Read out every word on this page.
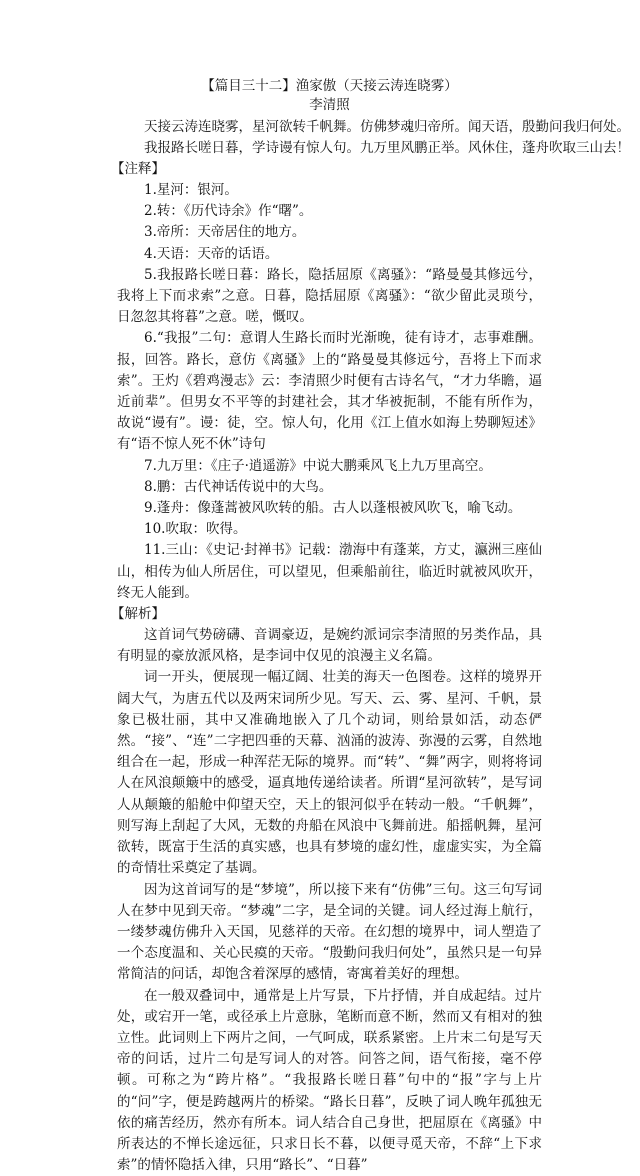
【篇目三十二】渔家傲（天接云涛连晓雾）
李清照
天接云涛连晓雾，星河欲转千帆舞。仿佛梦魂归帝所。闻天语，殷勤问我归何处。
我报路长嗟日暮，学诗谩有惊人句。九万里风鹏正举。风休住，蓬舟吹取三山去！
【注释】

1.星河：银河。

2.转：《历代诗余》作“曙”。

3.帝所：天帝居住的地方。

4.天语：天帝的话语。

5.我报路长嗟日暮：路长，隐括屈原《离骚》：“路曼曼其修远兮，我将上下而求索”之意。日暮，隐括屈原《离骚》：“欲少留此灵琐兮，日忽忽其将暮”之意。嗟，慨叹。

6.“我报”二句：意谓人生路长而时光渐晚，徒有诗才，志事难酬。报，回答。路长，意仿《离骚》上的“路曼曼其修远兮，吾将上下而求索”。王灼《碧鸡漫志》云：李清照少时便有古诗名气，“才力华瞻，逼近前辈”。但男女不平等的封建社会，其才华被扼制，不能有所作为，故说“谩有”。谩：徒，空。惊人句，化用《江上值水如海上势聊短述》有“语不惊人死不休”诗句

7.九万里：《庄子·逍遥游》中说大鹏乘风飞上九万里高空。

8.鹏：古代神话传说中的大鸟。

9.蓬舟：像蓬蒿被风吹转的船。古人以蓬根被风吹飞，喻飞动。

10.吹取：吹得。

11.三山：《史记·封禅书》记载：渤海中有蓬莱，方丈，瀛洲三座仙山，相传为仙人所居住，可以望见，但乘船前往，临近时就被风吹开，终无人能到。

【解析】

这首词气势磅礴、音调豪迈，是婉约派词宗李清照的另类作品，具有明显的豪放派风格，是李词中仅见的浪漫主义名篇。

词一开头，便展现一幅辽阔、壮美的海天一色图卷。这样的境界开阔大气，为唐五代以及两宋词所少见。写天、云、雾、星河、千帆，景象已极壮丽，其中又准确地嵌入了几个动词，则给景如活，动态俨然。“接”、“连”二字把四垂的天幕、汹涌的波涛、弥漫的云雾，自然地组合在一起，形成一种浑茫无际的境界。而“转”、“舞”两字，则将将词人在风浪颠簸中的感受，逼真地传递给读者。所谓“星河欲转”，是写词人从颠簸的船舱中仰望天空，天上的银河似乎在转动一般。“千帆舞”，则写海上刮起了大风，无数的舟船在风浪中飞舞前进。船摇帆舞，星河欲转，既富于生活的真实感，也具有梦境的虚幻性，虚虚实实，为全篇的奇情壮采奠定了基调。

因为这首词写的是“梦境”，所以接下来有“仿佛”三句。这三句写词人在梦中见到天帝。“梦魂”二字，是全词的关键。词人经过海上航行，一缕梦魂仿佛升入天国，见慈祥的天帝。在幻想的境界中，词人塑造了一个态度温和、关心民瘼的天帝。“殷勤问我归何处”，虽然只是一句异常简洁的问话，却饱含着深厚的感情，寄寓着美好的理想。

在一般双叠词中，通常是上片写景，下片抒情，并自成起结。过片处，或宕开一笔，或径承上片意脉，笔断而意不断，然而又有相对的独立性。此词则上下两片之间，一气呵成，联系紧密。上片末二句是写天帝的问话，过片二句是写词人的对答。问答之间，语气衔接，毫不停顿。可称之为“跨片格”。“我报路长嗟日暮”句中的“报”字与上片的“问”字，便是跨越两片的桥梁。“路长日暮”，反映了词人晚年孤独无依的痛苦经历，然亦有所本。词人结合自己身世，把屈原在《离骚》中所表达的不惮长途远征，只求日长不暮，以便寻觅天帝，不辞“上下求索”的情怀隐括入律，只用“路长”、“日暮”
